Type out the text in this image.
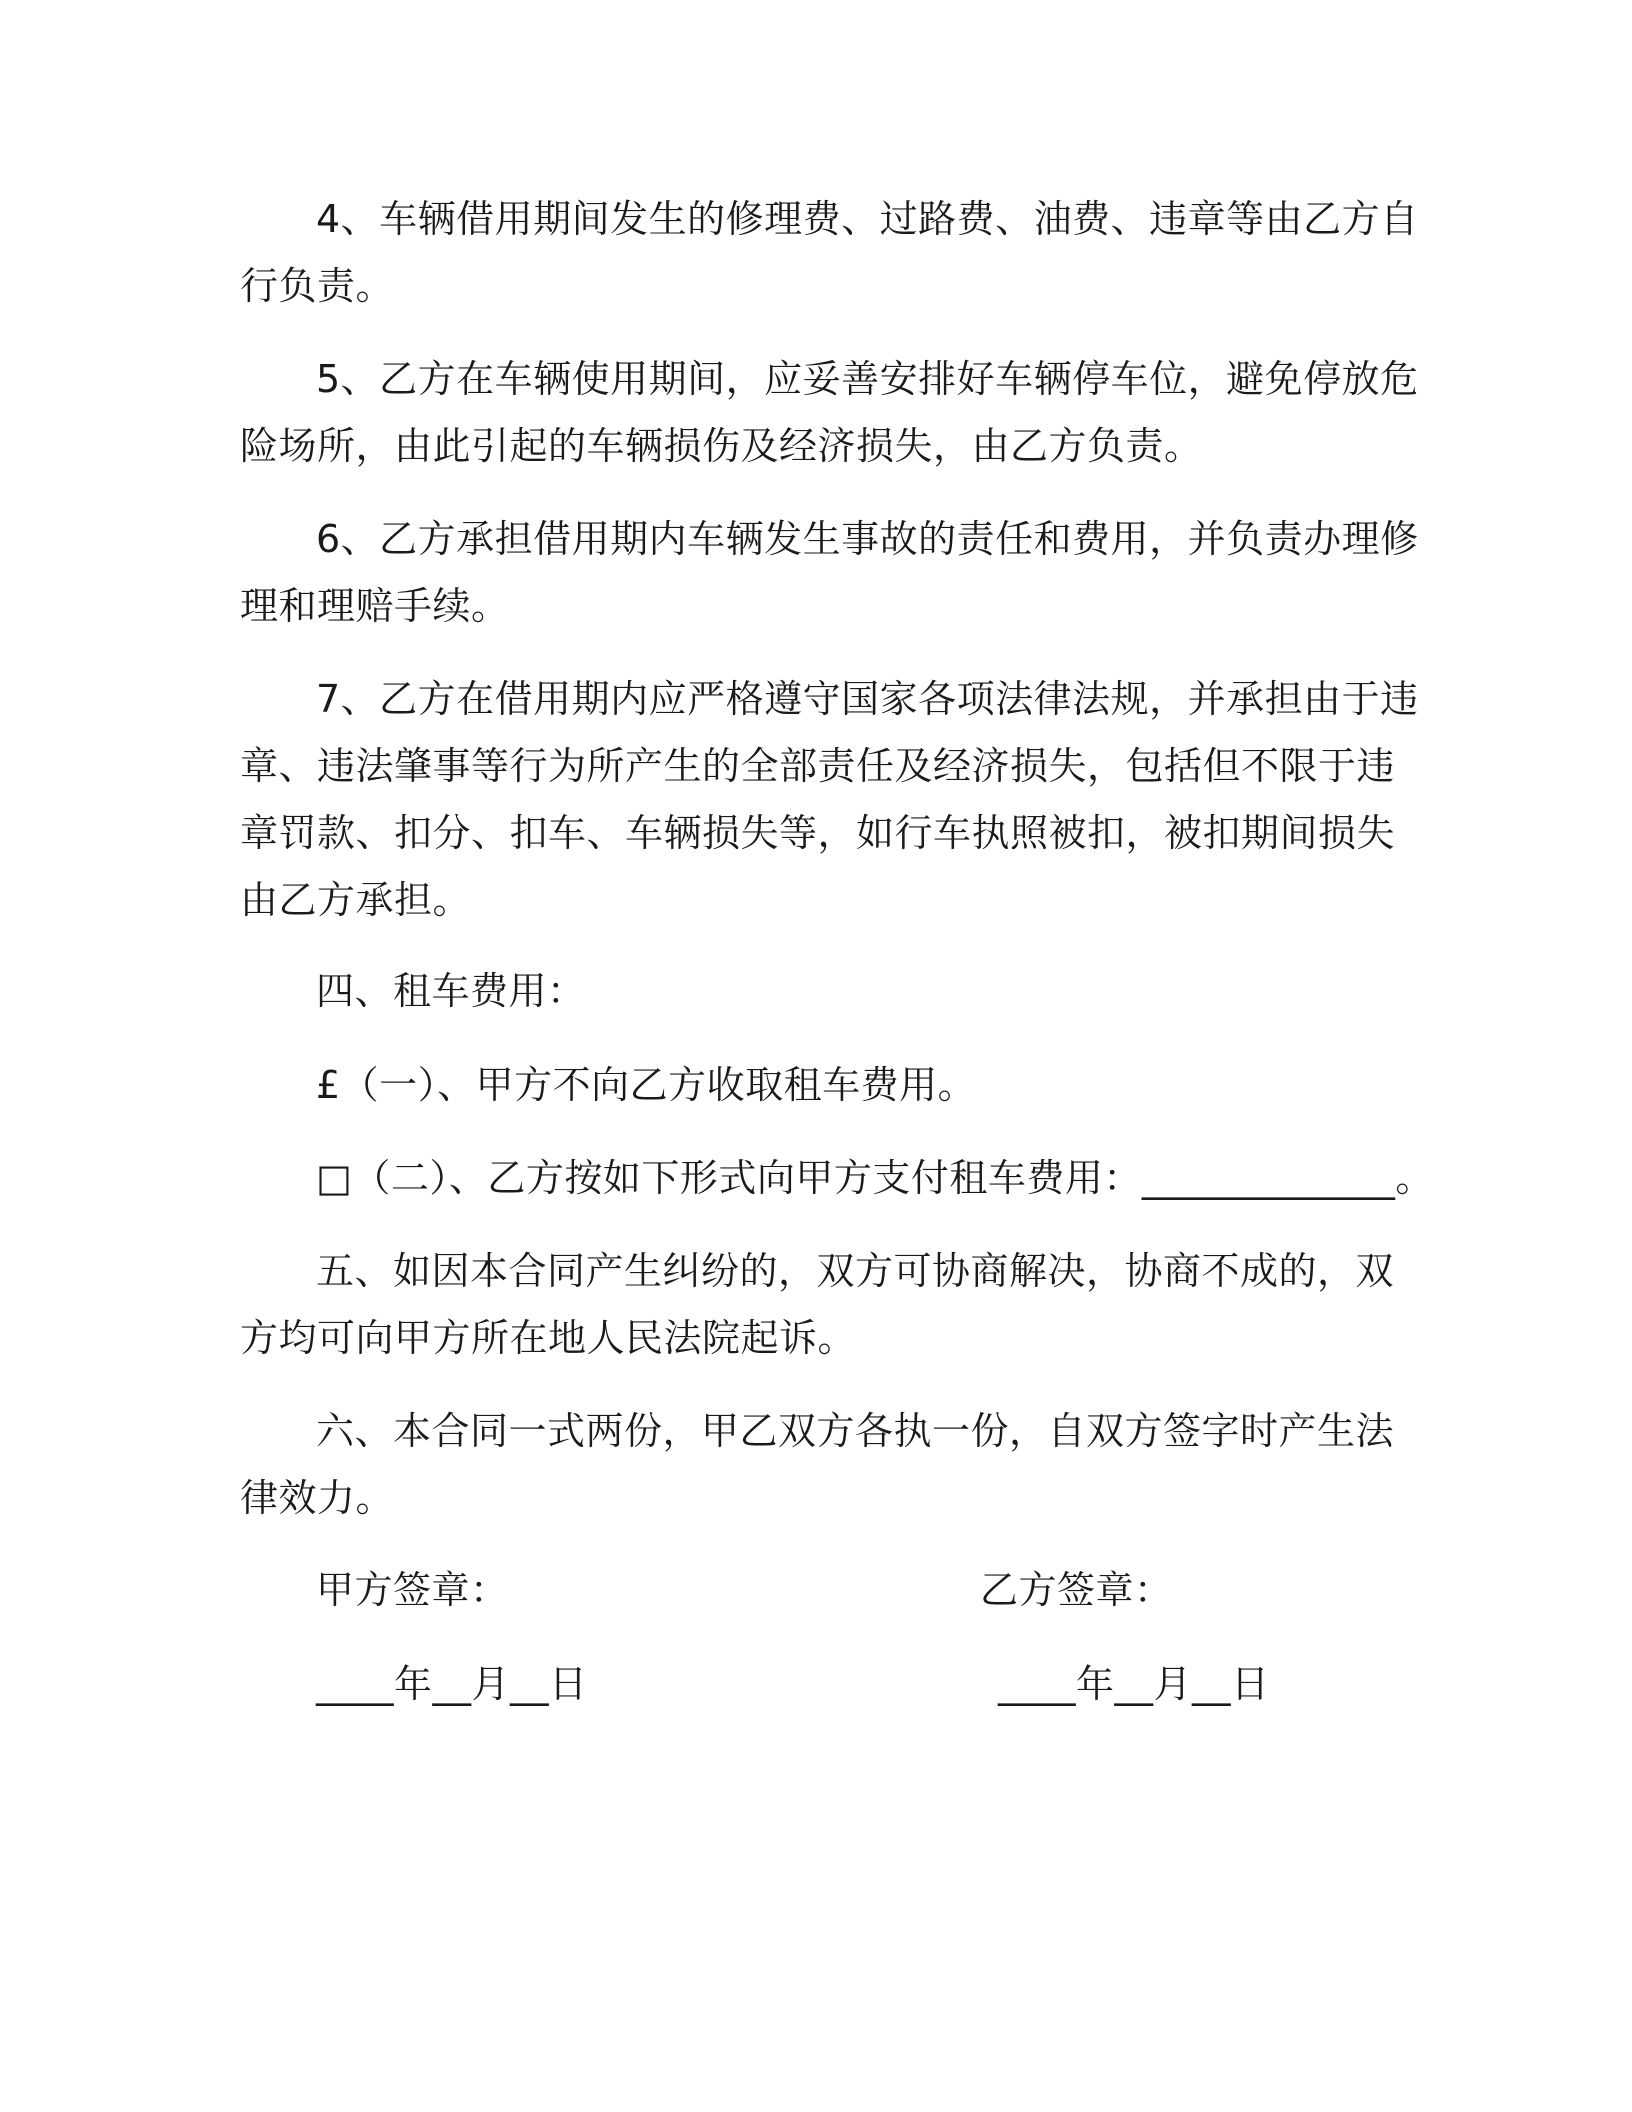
4、车辆借用期间发生的修理费、过路费、油费、违章等由乙方自
行负责。
5、乙方在车辆使用期间，应妥善安排好车辆停车位，避免停放危
险场所，由此引起的车辆损伤及经济损失，由乙方负责。
6、乙方承担借用期内车辆发生事故的责任和费用，并负责办理修
理和理赔手续。
7、乙方在借用期内应严格遵守国家各项法律法规，并承担由于违
章、违法肇事等行为所产生的全部责任及经济损失，包括但不限于违
章罚款、扣分、扣车、车辆损失等，如行车执照被扣，被扣期间损失
由乙方承担。
四、租车费用：
£（一）、甲方不向乙方收取租车费用。
□（二）、乙方按如下形式向甲方支付租车费用：_____________。
五、如因本合同产生纠纷的，双方可协商解决，协商不成的，双
方均可向甲方所在地人民法院起诉。
六、本合同一式两份，甲乙双方各执一份，自双方签字时产生法
律效力。
甲方签章：	乙方签章：
____年__月__日	____年__月__日
